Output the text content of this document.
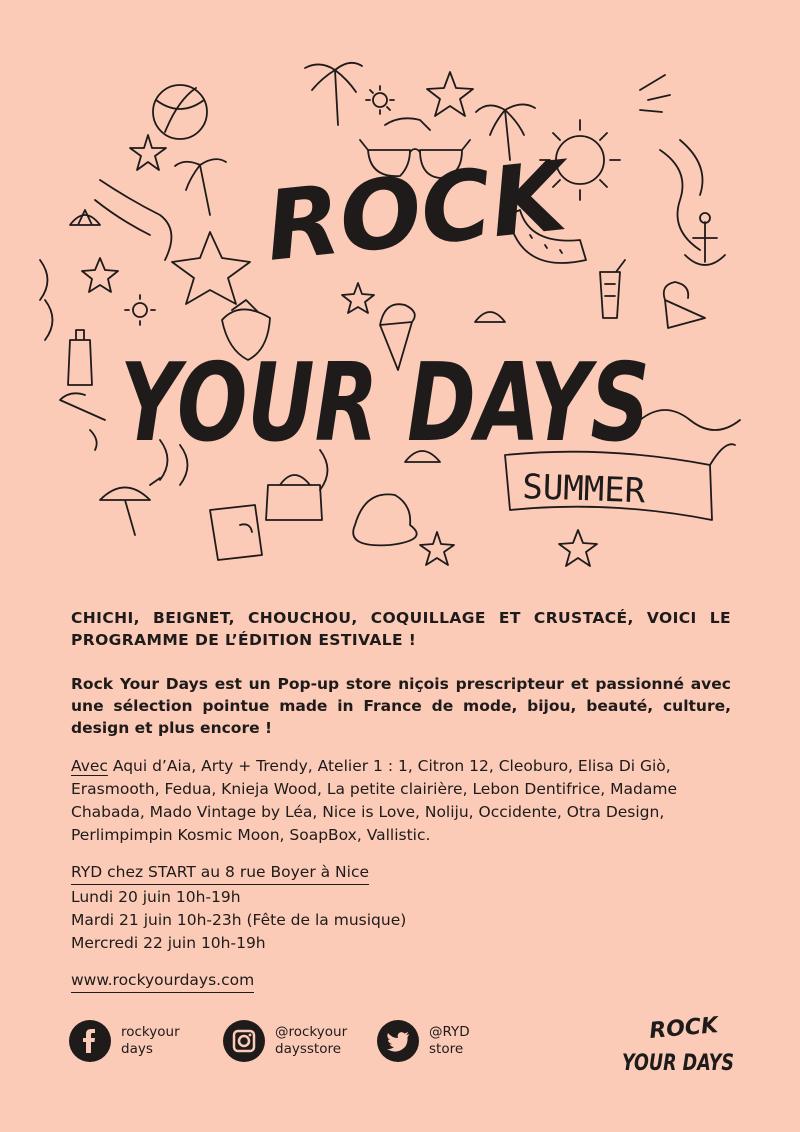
ROCK
YOUR DAYS
SUMMER

CHICHI, BEIGNET, CHOUCHOU, COQUILLAGE ET CRUSTACÉ, VOICI LE PROGRAMME DE L’ÉDITION ESTIVALE !

Rock Your Days est un Pop-up store niçois prescripteur et passionné avec une sélection pointue made in France de mode, bijou, beauté, culture, design et plus encore !

Avec Aqui d’Aia, Arty + Trendy, Atelier 1 : 1, Citron 12, Cleoburo, Elisa Di Giò, Erasmooth, Fedua, Knieja Wood, La petite clairière, Lebon Dentifrice, Madame Chabada, Mado Vintage by Léa, Nice is Love, Noliju, Occidente, Otra Design, Perlimpimpin Kosmic Moon, SoapBox, Vallistic.

RYD chez START au 8 rue Boyer à Nice
Lundi 20 juin 10h-19h
Mardi 21 juin 10h-23h (Fête de la musique)
Mercredi 22 juin 10h-19h
www.rockyourdays.com
rockyour
days
@rockyour
daysstore
@RYD
store
ROCK
YOUR DAYS
